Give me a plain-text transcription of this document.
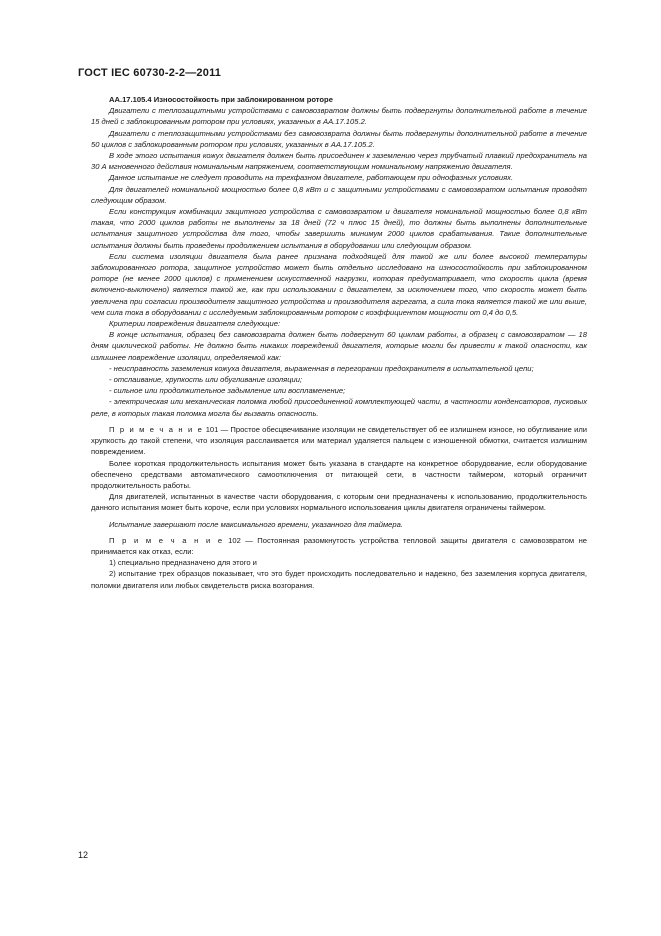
ГОСТ IEC 60730-2-2—2011

АА.17.105.4 Износостойкость при заблокированном роторе

Двигатели с теплозащитными устройствами с самовозвратом должны быть подвергнуты дополнительной работе в течение 15 дней с заблокированным ротором при условиях, указанных в АА.17.105.2.

Двигатели с теплозащитными устройствами без самовозврата должны быть подвергнуты дополнительной работе в течение 50 циклов с заблокированным ротором при условиях, указанных в АА.17.105.2.

В ходе этого испытания кожух двигателя должен быть присоединен к заземлению через трубчатый плавкий предохранитель на 30 А мгновенного действия номинальным напряжением, соответствующим номинальному напряжению двигателя.

Данное испытание не следует проводить на трехфазном двигателе, работающем при однофазных условиях.

Для двигателей номинальной мощностью более 0,8 кВт и с защитными устройствами с самовозвратом испытания проводят следующим образом.

Если конструкция комбинации защитного устройства с самовозвратом и двигателя номинальной мощностью более 0,8 кВт такая, что 2000 циклов работы не выполнены за 18 дней (72 ч плюс 15 дней), то должны быть выполнены дополнительные испытания защитного устройства для того, чтобы завершить минимум 2000 циклов срабатывания. Такие дополнительные испытания должны быть проведены продолжением испытания в оборудовании или следующим образом.

Если система изоляции двигателя была ранее признана подходящей для такой же или более высокой температуры заблокированного ротора, защитное устройство может быть отдельно исследовано на износостойкость при заблокированном роторе (не менее 2000 циклов) с применением искусственной нагрузки, которая предусматривает, что скорость цикла (время включено-выключено) является такой же, как при использовании с двигателем, за исключением того, что скорость может быть увеличена при согласии производителя защитного устройства и производителя агрегата, а сила тока является такой же или выше, чем сила тока в оборудовании с исследуемым заблокированным ротором с коэффициентом мощности от 0,4 до 0,5.

Критерии повреждения двигателя следующие:

В конце испытания, образец без самовозврата должен быть подвергнут 60 циклам работы, а образец с самовозвратом — 18 дням циклической работы. Не должно быть никаких повреждений двигателя, которые могли бы привести к такой опасности, как излишнее повреждение изоляции, определяемой как:

- неисправность заземления кожуха двигателя, выраженная в перегорании предохранителя в испытательной цепи;

- отслаивание, хрупкость или обугливание изоляции;

- сильное или продолжительное задымление или воспламенение;

- электрическая или механическая поломка любой присоединенной комплектующей части, в частности конденсаторов, пусковых реле, в которых такая поломка могла бы вызвать опасность.

П р и м е ч а н и е 101 — Простое обесцвечивание изоляции не свидетельствует об ее излишнем износе, но обугливание или хрупкость до такой степени, что изоляция расслаивается или материал удаляется пальцем с изношенной обмотки, считается излишним повреждением.

Более короткая продолжительность испытания может быть указана в стандарте на конкретное оборудование, если оборудование обеспечено средствами автоматического самоотключения от питающей сети, в частности таймером, который ограничит продолжительность работы.

Для двигателей, испытанных в качестве части оборудования, с которым они предназначены к использованию, продолжительность данного испытания может быть короче, если при условиях нормального использования циклы двигателя ограничены таймером.

Испытание завершают после максимального времени, указанного для таймера.

П р и м е ч а н и е 102 — Постоянная разомкнутость устройства тепловой защиты двигателя с самовозвратом не принимается как отказ, если:

1) специально предназначено для этого и

2) испытание трех образцов показывает, что это будет происходить последовательно и надежно, без заземления корпуса двигателя, поломки двигателя или любых свидетельств риска возгорания.

12
